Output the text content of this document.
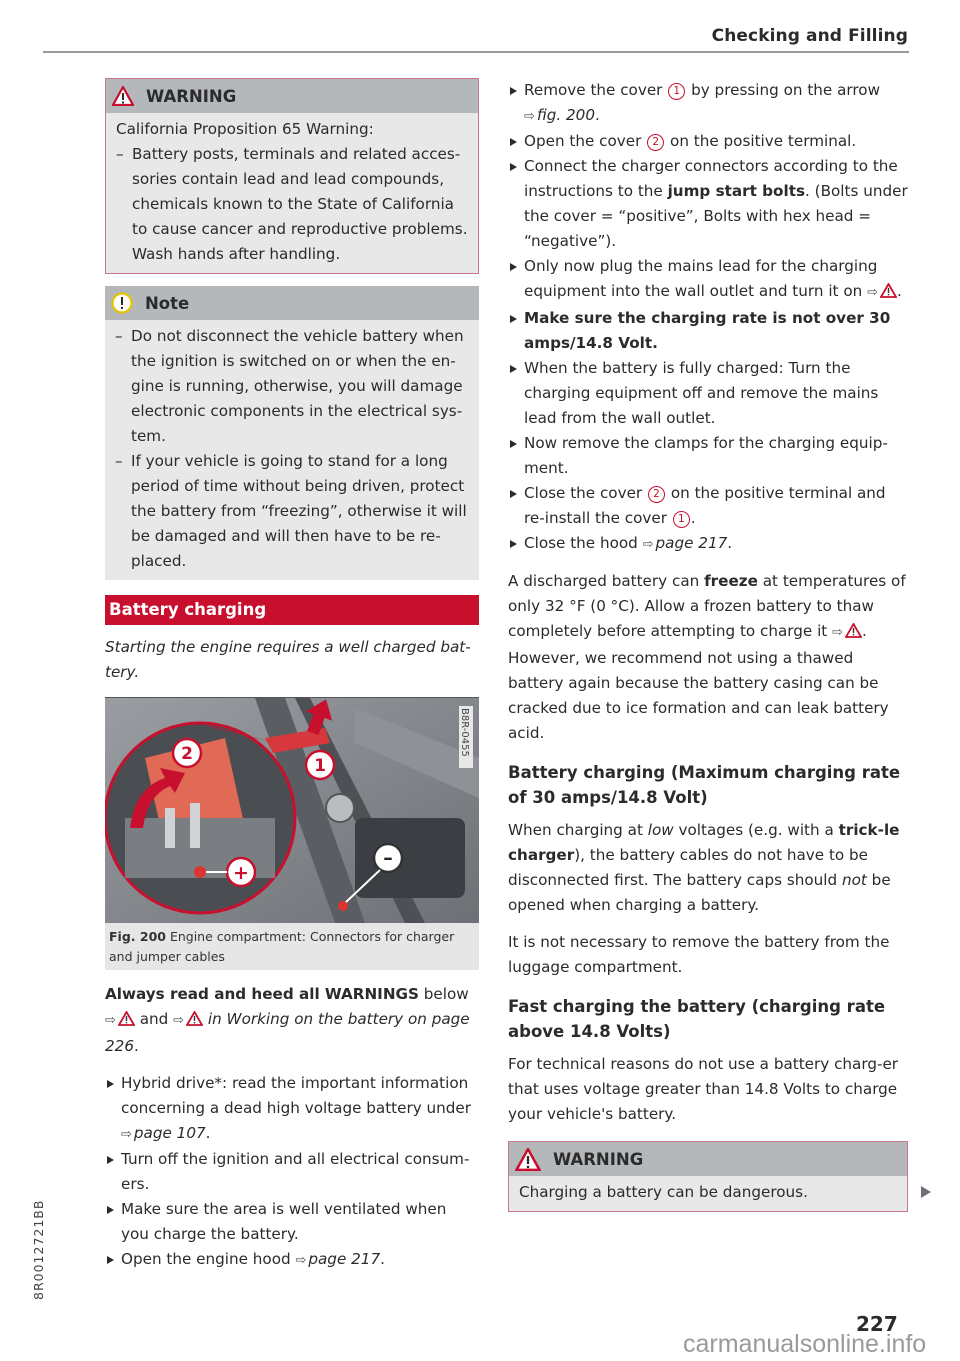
Checking and Filling
WARNING
California Proposition 65 Warning:
– Battery posts, terminals and related acces-sories contain lead and lead compounds, chemicals known to the State of California to cause cancer and reproductive problems. Wash hands after handling.
Note
– Do not disconnect the vehicle battery when the ignition is switched on or when the en-gine is running, otherwise, you will damage electronic components in the electrical sys-tem.
– If your vehicle is going to stand for a long period of time without being driven, protect the battery from “freezing”, otherwise it will be damaged and will then have to be re-placed.
Battery charging
Starting the engine requires a well charged bat-tery.
2
1
+
–
B8R-0455
Fig. 200 Engine compartment: Connectors for charger and jumper cables
Always read and heed all WARNINGS below ⇨ and ⇨ in Working on the battery on page 226.
Hybrid drive*: read the important information concerning a dead high voltage battery under ⇨ page 107.
Turn off the ignition and all electrical consum-ers.
Make sure the area is well ventilated when you charge the battery.
Open the engine hood ⇨ page 217.
Remove the cover 1 by pressing on the arrow ⇨ fig. 200.
Open the cover 2 on the positive terminal.
Connect the charger connectors according to the instructions to the jump start bolts. (Bolts under the cover = “positive”, Bolts with hex head = “negative”).
Only now plug the mains lead for the charging equipment into the wall outlet and turn it on ⇨ .
Make sure the charging rate is not over 30 amps/14.8 Volt.
When the battery is fully charged: Turn the charging equipment off and remove the mains lead from the wall outlet.
Now remove the clamps for the charging equip-ment.
Close the cover 2 on the positive terminal and re-install the cover 1 .
Close the hood ⇨ page 217.
A discharged battery can freeze at temperatures of only 32 °F (0 °C). Allow a frozen battery to thaw completely before attempting to charge it ⇨ . However, we recommend not using a thawed battery again because the battery casing can be cracked due to ice formation and can leak battery acid.
Battery charging (Maximum charging rate of 30 amps/14.8 Volt)
When charging at low voltages (e.g. with a trick-le charger), the battery cables do not have to be disconnected first. The battery caps should not be opened when charging a battery.
It is not necessary to remove the battery from the luggage compartment.
Fast charging the battery (charging rate above 14.8 Volts)
For technical reasons do not use a battery charg-er that uses voltage greater than 14.8 Volts to charge your vehicle's battery.
WARNING
Charging a battery can be dangerous.
8R0012721BB
227
carmanualsonline.info
